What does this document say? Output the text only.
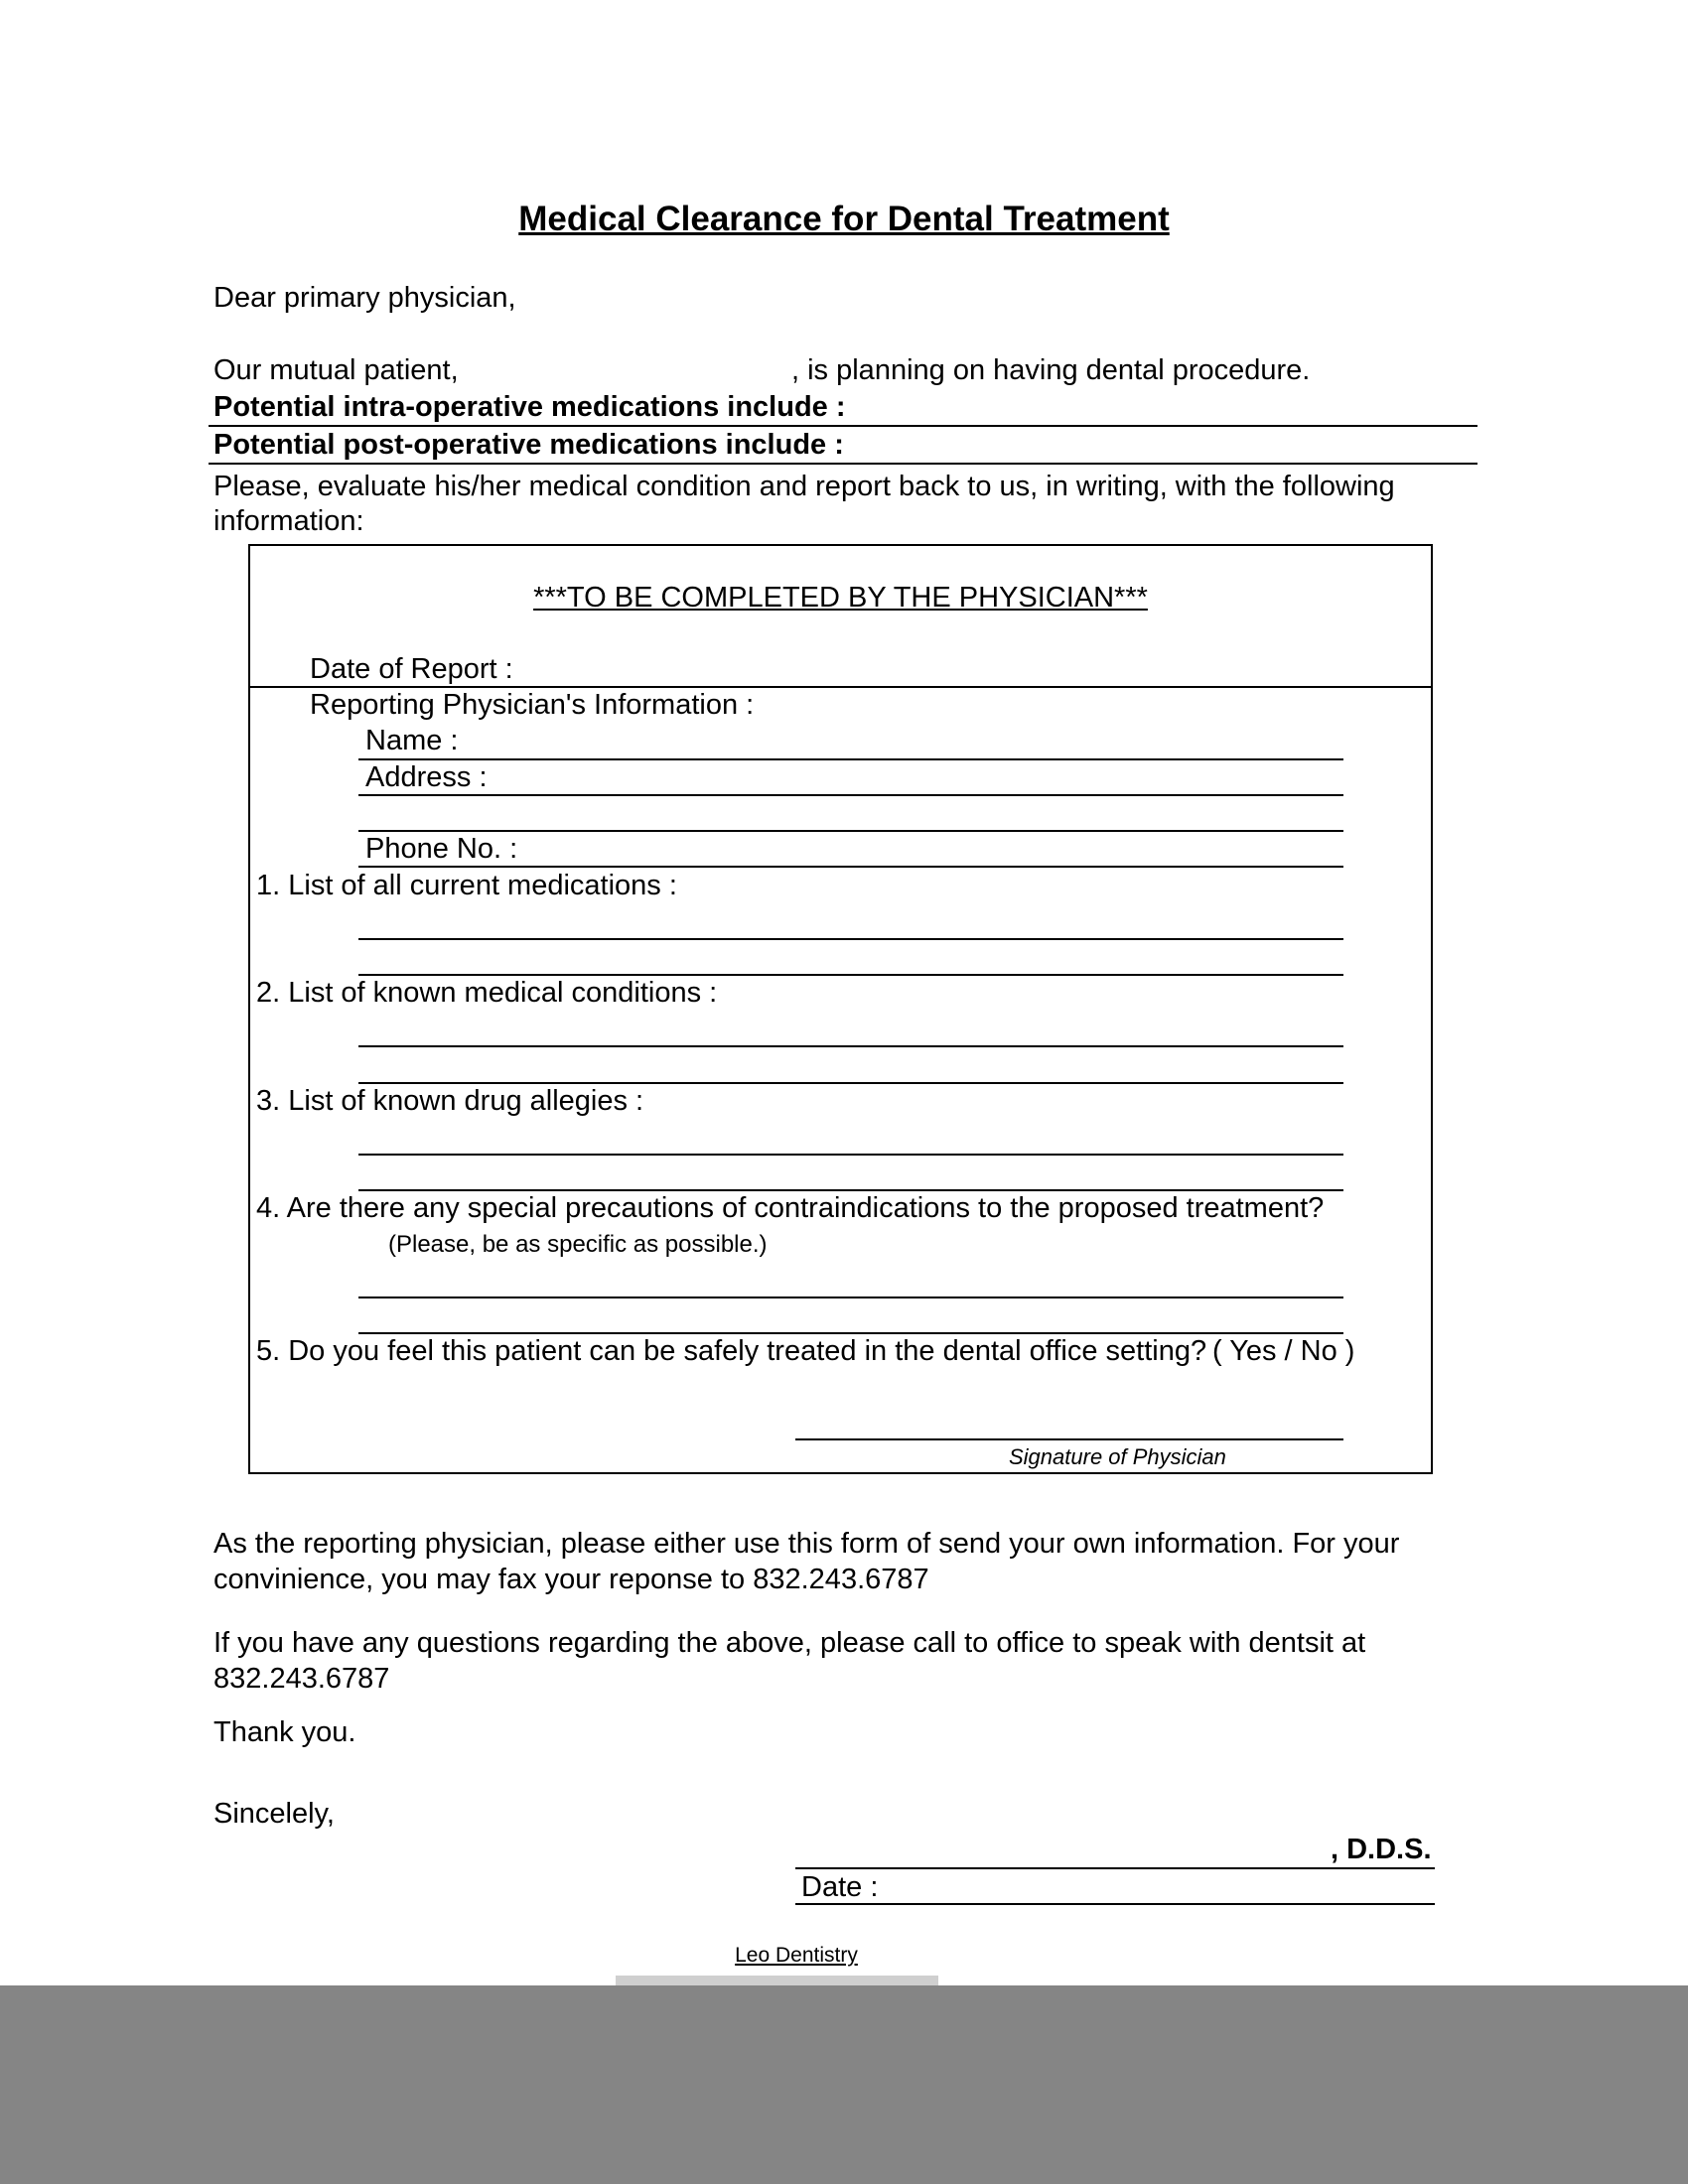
Medical Clearance for Dental Treatment
Dear primary physician,
Our mutual patient,	, is planning on having dental procedure.
Potential intra-operative medications include :
Potential post-operative medications include :
Please, evaluate his/her medical condition and report back to us, in writing, with the following
information:
***TO BE COMPLETED BY THE PHYSICIAN***
Date of Report :
Reporting Physician's Information :
Name :
Address :
Phone No. :
1. List of all current medications :
2. List of known medical conditions :
3. List of known drug allegies :
4. Are there any special precautions of contraindications to the proposed treatment?
(Please, be as specific as possible.)
5. Do you feel this patient can be safely treated in the dental office setting? ( Yes / No )
Signature of Physician
As the reporting physician, please either use this form of send your own information. For your
convinience, you may fax your reponse to 832.243.6787
If you have any questions regarding the above, please call to office to speak with dentsit at
832.243.6787
Thank you.
Sincelely,
, D.D.S.
Date :
Leo Dentistry
